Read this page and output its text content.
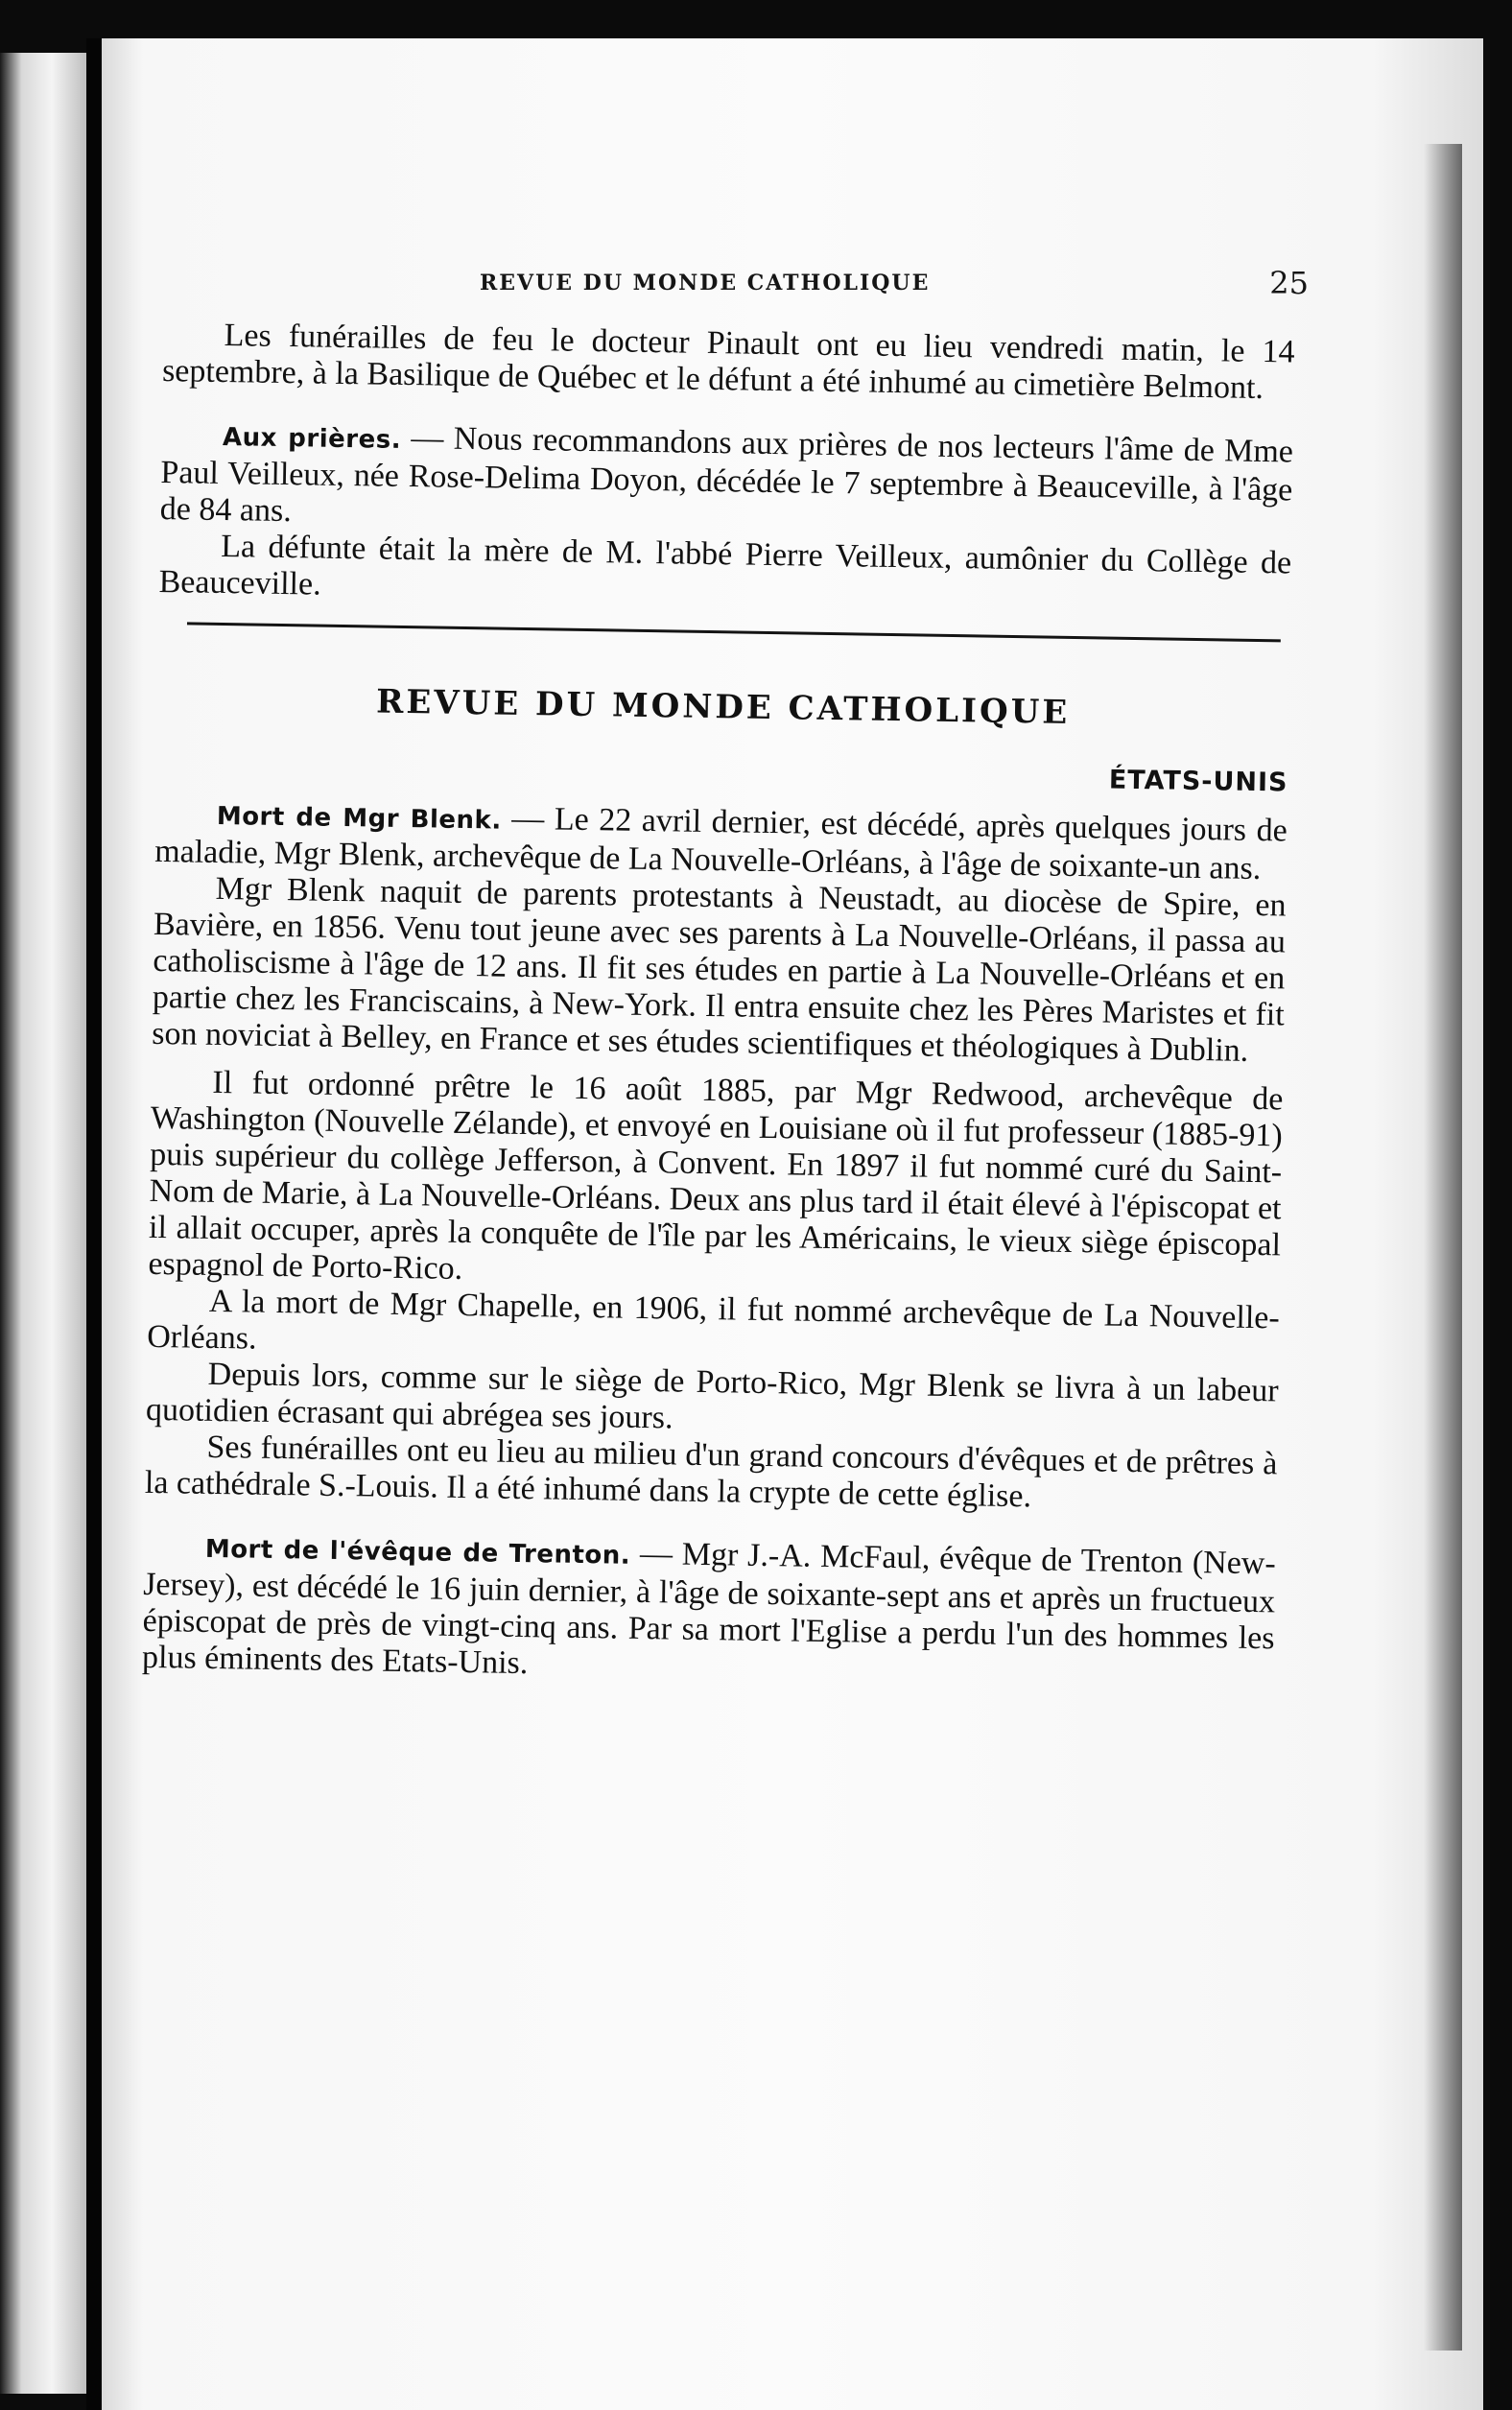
REVUE DU MONDE CATHOLIQUE	25

Les funérailles de feu le docteur Pinault ont eu lieu vendredi matin, le 14 septembre, à la Basilique de Québec et le défunt a été inhumé au cimetière Belmont.

Aux prières. — Nous recommandons aux prières de nos lecteurs l'âme de Mme Paul Veilleux, née Rose-Delima Doyon, décédée le 7 septembre à Beauceville, à l'âge de 84 ans.

La défunte était la mère de M. l'abbé Pierre Veilleux, aumônier du Collège de Beauceville.

REVUE DU MONDE CATHOLIQUE
ÉTATS-UNIS

Mort de Mgr Blenk. — Le 22 avril dernier, est décédé, après quelques jours de maladie, Mgr Blenk, archevêque de La Nouvelle-Orléans, à l'âge de soixante-un ans.

Mgr Blenk naquit de parents protestants à Neustadt, au diocèse de Spire, en Bavière, en 1856. Venu tout jeune avec ses parents à La Nouvelle-Orléans, il passa au catholiscisme à l'âge de 12 ans. Il fit ses études en partie à La Nouvelle-Orléans et en partie chez les Franciscains, à New-York. Il entra ensuite chez les Pères Maristes et fit son noviciat à Belley, en France et ses études scientifiques et théologiques à Dublin.

Il fut ordonné prêtre le 16 août 1885, par Mgr Redwood, archevêque de Washington (Nouvelle Zélande), et envoyé en Louisiane où il fut professeur (1885-91) puis supérieur du collège Jefferson, à Convent. En 1897 il fut nommé curé du Saint-Nom de Marie, à La Nouvelle-Orléans. Deux ans plus tard il était élevé à l'épiscopat et il allait occuper, après la conquête de l'île par les Américains, le vieux siège épiscopal espagnol de Porto-Rico.

A la mort de Mgr Chapelle, en 1906, il fut nommé archevêque de La Nouvelle-Orléans.

Depuis lors, comme sur le siège de Porto-Rico, Mgr Blenk se livra à un labeur quotidien écrasant qui abrégea ses jours.

Ses funérailles ont eu lieu au milieu d'un grand concours d'évêques et de prêtres à la cathédrale S.-Louis. Il a été inhumé dans la crypte de cette église.

Mort de l'évêque de Trenton. — Mgr J.-A. McFaul, évêque de Trenton (New-Jersey), est décédé le 16 juin dernier, à l'âge de soixante-sept ans et après un fructueux épiscopat de près de vingt-cinq ans. Par sa mort l'Eglise a perdu l'un des hommes les plus éminents des Etats-Unis.
